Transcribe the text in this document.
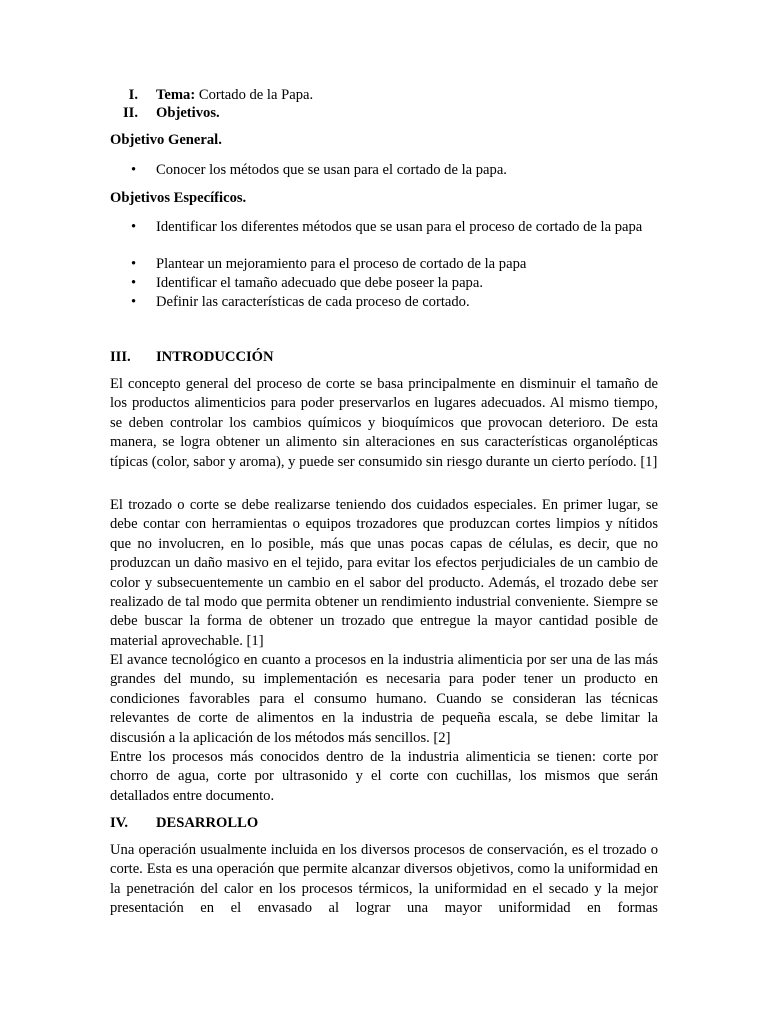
I. Tema: Cortado de la Papa.
II. Objetivos.
Objetivo General.
• Conocer los métodos que se usan para el cortado de la papa.
Objetivos Específicos.
• Identificar los diferentes métodos que se usan para el proceso de cortado de la papa

• Plantear un mejoramiento para el proceso de cortado de la papa
• Identificar el tamaño adecuado que debe poseer la papa.
• Definir las características de cada proceso de cortado.
III. INTRODUCCIÓN

El concepto general del proceso de corte se basa principalmente en disminuir el tamaño de los productos alimenticios para poder preservarlos en lugares adecuados. Al mismo tiempo, se deben controlar los cambios químicos y bioquímicos que provocan deterioro. De esta manera, se logra obtener un alimento sin alteraciones en sus características organolépticas típicas (color, sabor y aroma), y puede ser consumido sin riesgo durante un cierto período. [1]

El trozado o corte se debe realizarse teniendo dos cuidados especiales. En primer lugar, se debe contar con herramientas o equipos trozadores que produzcan cortes limpios y nítidos que no involucren, en lo posible, más que unas pocas capas de células, es decir, que no produzcan un daño masivo en el tejido, para evitar los efectos perjudiciales de un cambio de color y subsecuentemente un cambio en el sabor del producto. Además, el trozado debe ser realizado de tal modo que permita obtener un rendimiento industrial conveniente. Siempre se debe buscar la forma de obtener un trozado que entregue la mayor cantidad posible de material aprovechable. [1]

El avance tecnológico en cuanto a procesos en la industria alimenticia por ser una de las más grandes del mundo, su implementación es necesaria para poder tener un producto en condiciones favorables para el consumo humano. Cuando se consideran las técnicas relevantes de corte de alimentos en la industria de pequeña escala, se debe limitar la discusión a la aplicación de los métodos más sencillos. [2]

Entre los procesos más conocidos dentro de la industria alimenticia se tienen: corte por chorro de agua, corte por ultrasonido y el corte con cuchillas, los mismos que serán detallados entre documento.

IV. DESARROLLO

Una operación usualmente incluida en los diversos procesos de conservación, es el trozado o corte. Esta es una operación que permite alcanzar diversos objetivos, como la uniformidad en la penetración del calor en los procesos térmicos, la uniformidad en el secado y la mejor presentación en el envasado al lograr una mayor uniformidad en formas
